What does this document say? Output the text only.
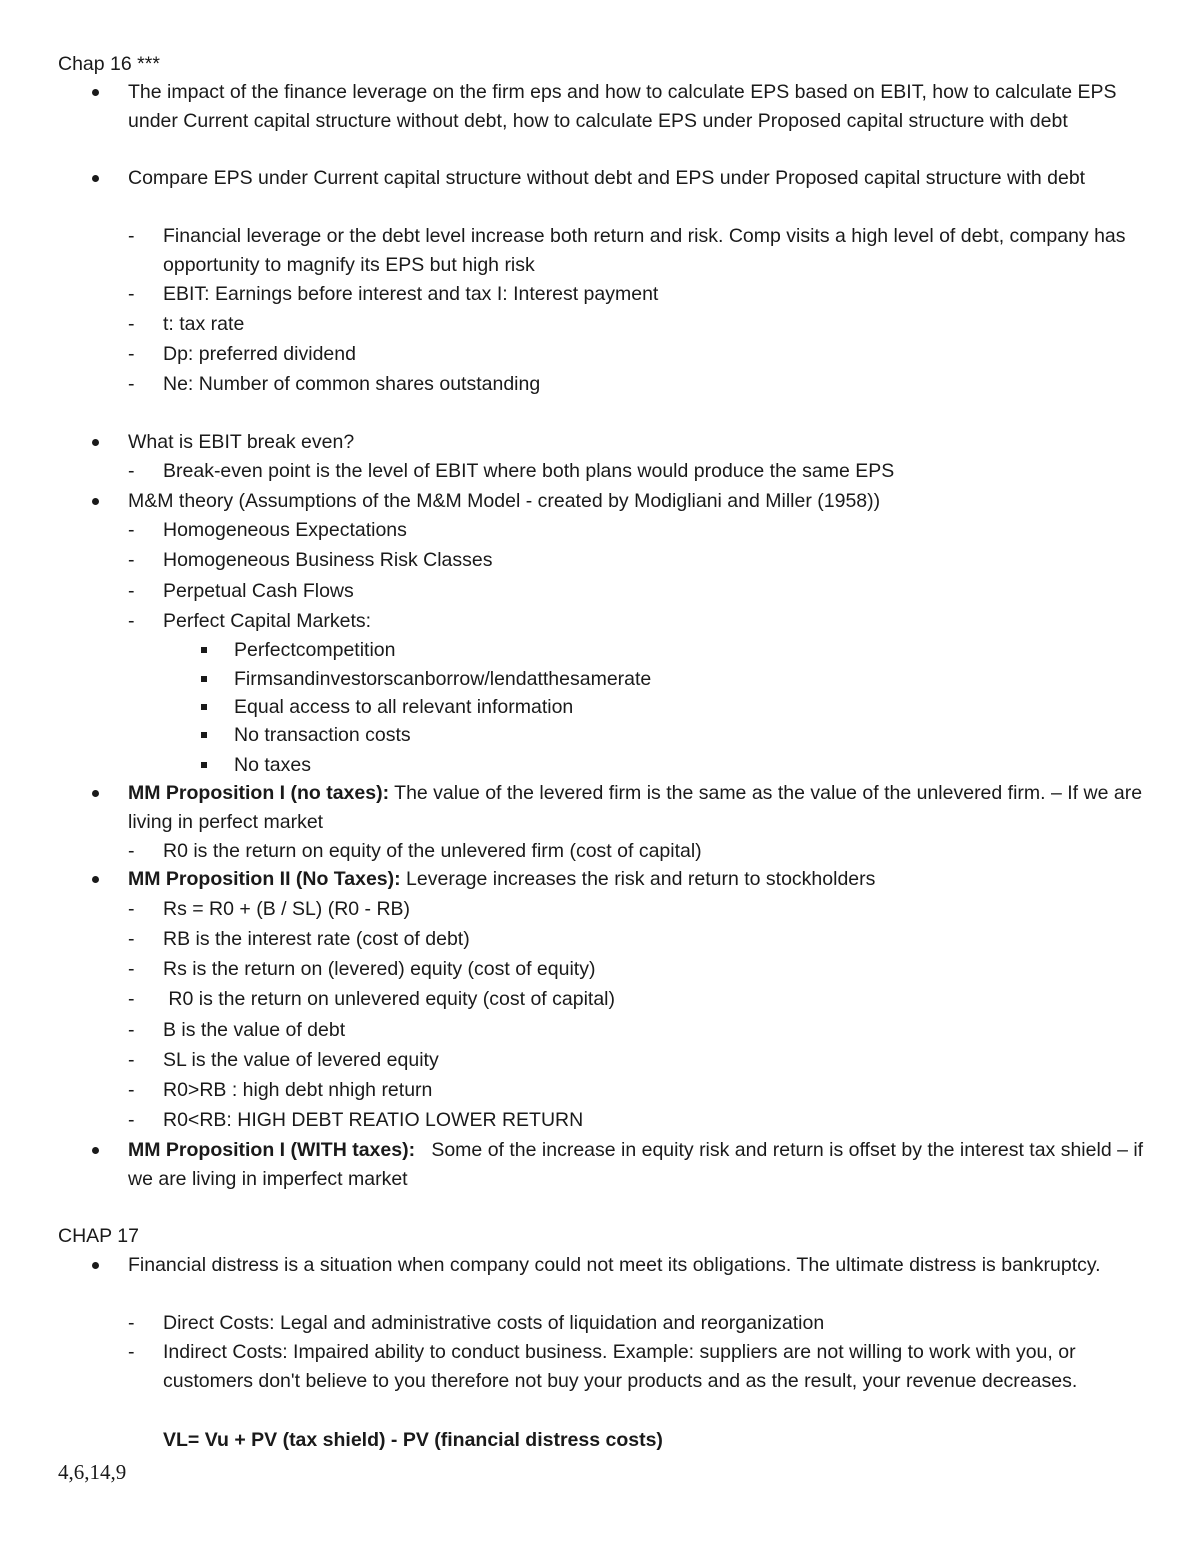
Chap 16 ***
The impact of the finance leverage on the firm eps and how to calculate EPS based on EBIT, how to calculate EPS under Current capital structure without debt, how to calculate EPS under Proposed capital structure with debt
Compare EPS under Current capital structure without debt and EPS under Proposed capital structure with debt
- Financial leverage or the debt level increase both return and risk. Comp visits a high level of debt, company has opportunity to magnify its EPS but high risk
- EBIT: Earnings before interest and tax I: Interest payment
- t: tax rate
- Dp: preferred dividend
- Ne: Number of common shares outstanding
What is EBIT break even?
- Break-even point is the level of EBIT where both plans would produce the same EPS
M&M theory (Assumptions of the M&M Model - created by Modigliani and Miller (1958))
- Homogeneous Expectations
- Homogeneous Business Risk Classes
- Perpetual Cash Flows
- Perfect Capital Markets:
Perfectcompetition
Firmsandinvestorscanborrow/lendatthesamerate
Equal access to all relevant information
No transaction costs
No taxes
MM Proposition I (no taxes): The value of the levered firm is the same as the value of the unlevered firm. – If we are living in perfect market
- R0 is the return on equity of the unlevered firm (cost of capital)
MM Proposition II (No Taxes): Leverage increases the risk and return to stockholders
- Rs = R0 + (B / SL) (R0 - RB)
- RB is the interest rate (cost of debt)
- Rs is the return on (levered) equity (cost of equity)
- R0 is the return on unlevered equity (cost of capital)
- B is the value of debt
- SL is the value of levered equity
- R0>RB : high debt nhigh return
- R0<RB: HIGH DEBT REATIO LOWER RETURN
MM Proposition I (WITH taxes):   Some of the increase in equity risk and return is offset by the interest tax shield – if we are living in imperfect market
CHAP 17
Financial distress is a situation when company could not meet its obligations. The ultimate distress is bankruptcy.
- Direct Costs: Legal and administrative costs of liquidation and reorganization
- Indirect Costs: Impaired ability to conduct business. Example: suppliers are not willing to work with you, or customers don't believe to you therefore not buy your products and as the result, your revenue decreases.
VL= Vu + PV (tax shield) - PV (financial distress costs)
4,6,14,9
